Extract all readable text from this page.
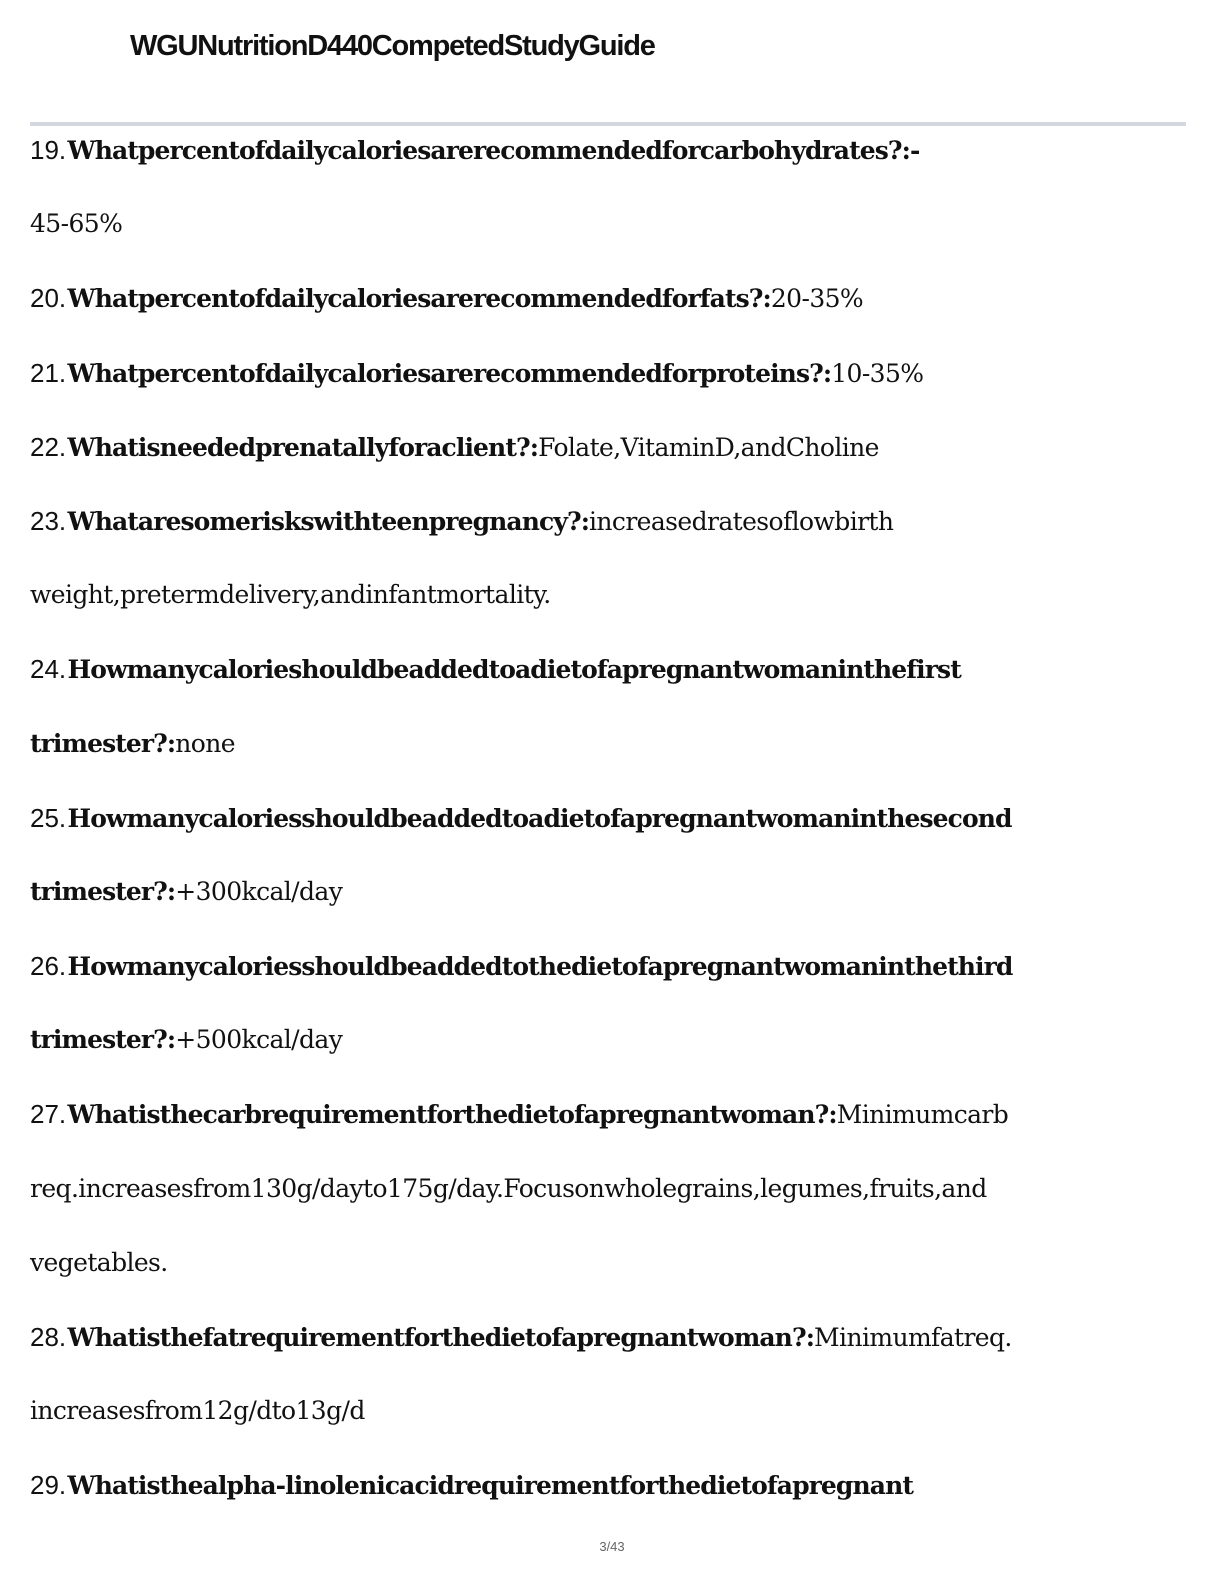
WGUNutritionD440CompetedStudyGuide
19. Whatpercentofdailycaloriesarerecommendedforcarbohydrates?:-
45-65%
20. Whatpercentofdailycaloriesarerecommendedforfats?:20-35%
21. Whatpercentofdailycaloriesarerecommendedforproteins?:10-35%
22. Whatisneededprenatallyforaclient?:Folate,VitaminD,andCholine
23. Whataresomeriskswithteenpregnancy?:increasedratesoflowbirth
weight,pretermdelivery,andinfantmortality.
24. Howmanycalorieshouldbeaddedtoadietofapregnantwomaninthefirst
trimester?:none
25. Howmanycaloriesshouldbeaddedtoadietofapregnantwomaninthesecond
trimester?:+300kcal/day
26. Howmanycaloriesshouldbeaddedtothedietofapregnantwomaninthethird
trimester?:+500kcal/day
27. Whatisthecarbrequirementforthedietofapregnantwoman?:Minimumcarb
req.increasesfrom130g/dayto175g/day.Focusonwholegrains,legumes,fruits,and
vegetables.
28. Whatisthefatrequirementforthedietofapregnantwoman?:Minimumfatreq.
increasesfrom12g/dto13g/d
29. Whatisthealpha-linolenicacidrequirementforthedietofapregnant
3/43
